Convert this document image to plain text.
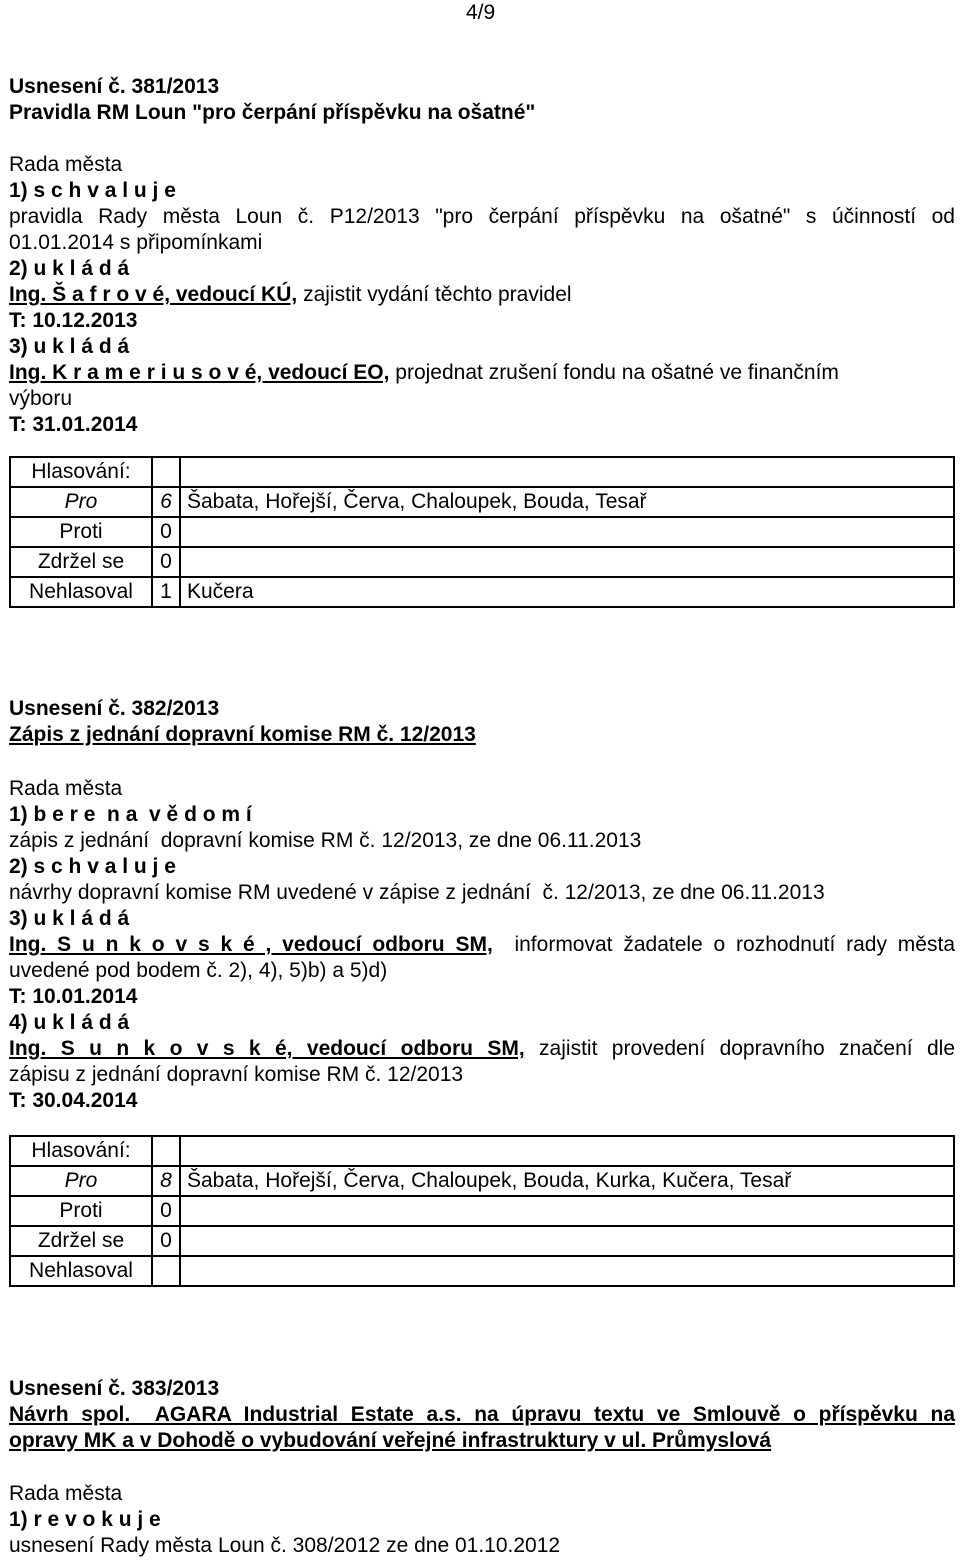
4/9
Usnesení č. 381/2013
Pravidla RM Loun "pro čerpání příspěvku na ošatné"
Rada města
1) s c h v a l u j e
pravidla Rady města Loun č. P12/2013 "pro čerpání příspěvku na ošatné" s účinností od
01.01.2014 s připomínkami
2) u k l á d á
Ing. Š a f r o v é, vedoucí KÚ, zajistit vydání těchto pravidel
T: 10.12.2013
3) u k l á d á
Ing. K r a m e r i u s o v é, vedoucí EO, projednat zrušení fondu na ošatné ve finančním
výboru
T: 31.01.2014
Hlasování:		
Pro	6	Šabata, Hořejší, Červa, Chaloupek, Bouda, Tesař
Proti	0	
Zdržel se	0	
Nehlasoval	1	Kučera
Usnesení č. 382/2013
Zápis z jednání dopravní komise RM č. 12/2013
Rada města
1) b e r e  n a  v ě d o m í
zápis z jednání  dopravní komise RM č. 12/2013, ze dne 06.11.2013
2) s c h v a l u j e
návrhy dopravní komise RM uvedené v zápise z jednání  č. 12/2013, ze dne 06.11.2013
3) u k l á d á
Ing. S u n k o v s k é , vedoucí odboru SM,  informovat žadatele o rozhodnutí rady města
uvedené pod bodem č. 2), 4), 5)b) a 5)d)
T: 10.01.2014
4) u k l á d á
Ing. S u n k o v s k é, vedoucí odboru SM, zajistit provedení dopravního značení dle
zápisu z jednání dopravní komise RM č. 12/2013
T: 30.04.2014
Hlasování:		
Pro	8	Šabata, Hořejší, Červa, Chaloupek, Bouda, Kurka, Kučera, Tesař
Proti	0	
Zdržel se	0	
Nehlasoval		
Usnesení č. 383/2013
Návrh spol.  AGARA Industrial Estate a.s. na úpravu textu ve Smlouvě o příspěvku na
opravy MK a v Dohodě o vybudování veřejné infrastruktury v ul. Průmyslová
Rada města
1) r e v o k u j e
usnesení Rady města Loun č. 308/2012 ze dne 01.10.2012
